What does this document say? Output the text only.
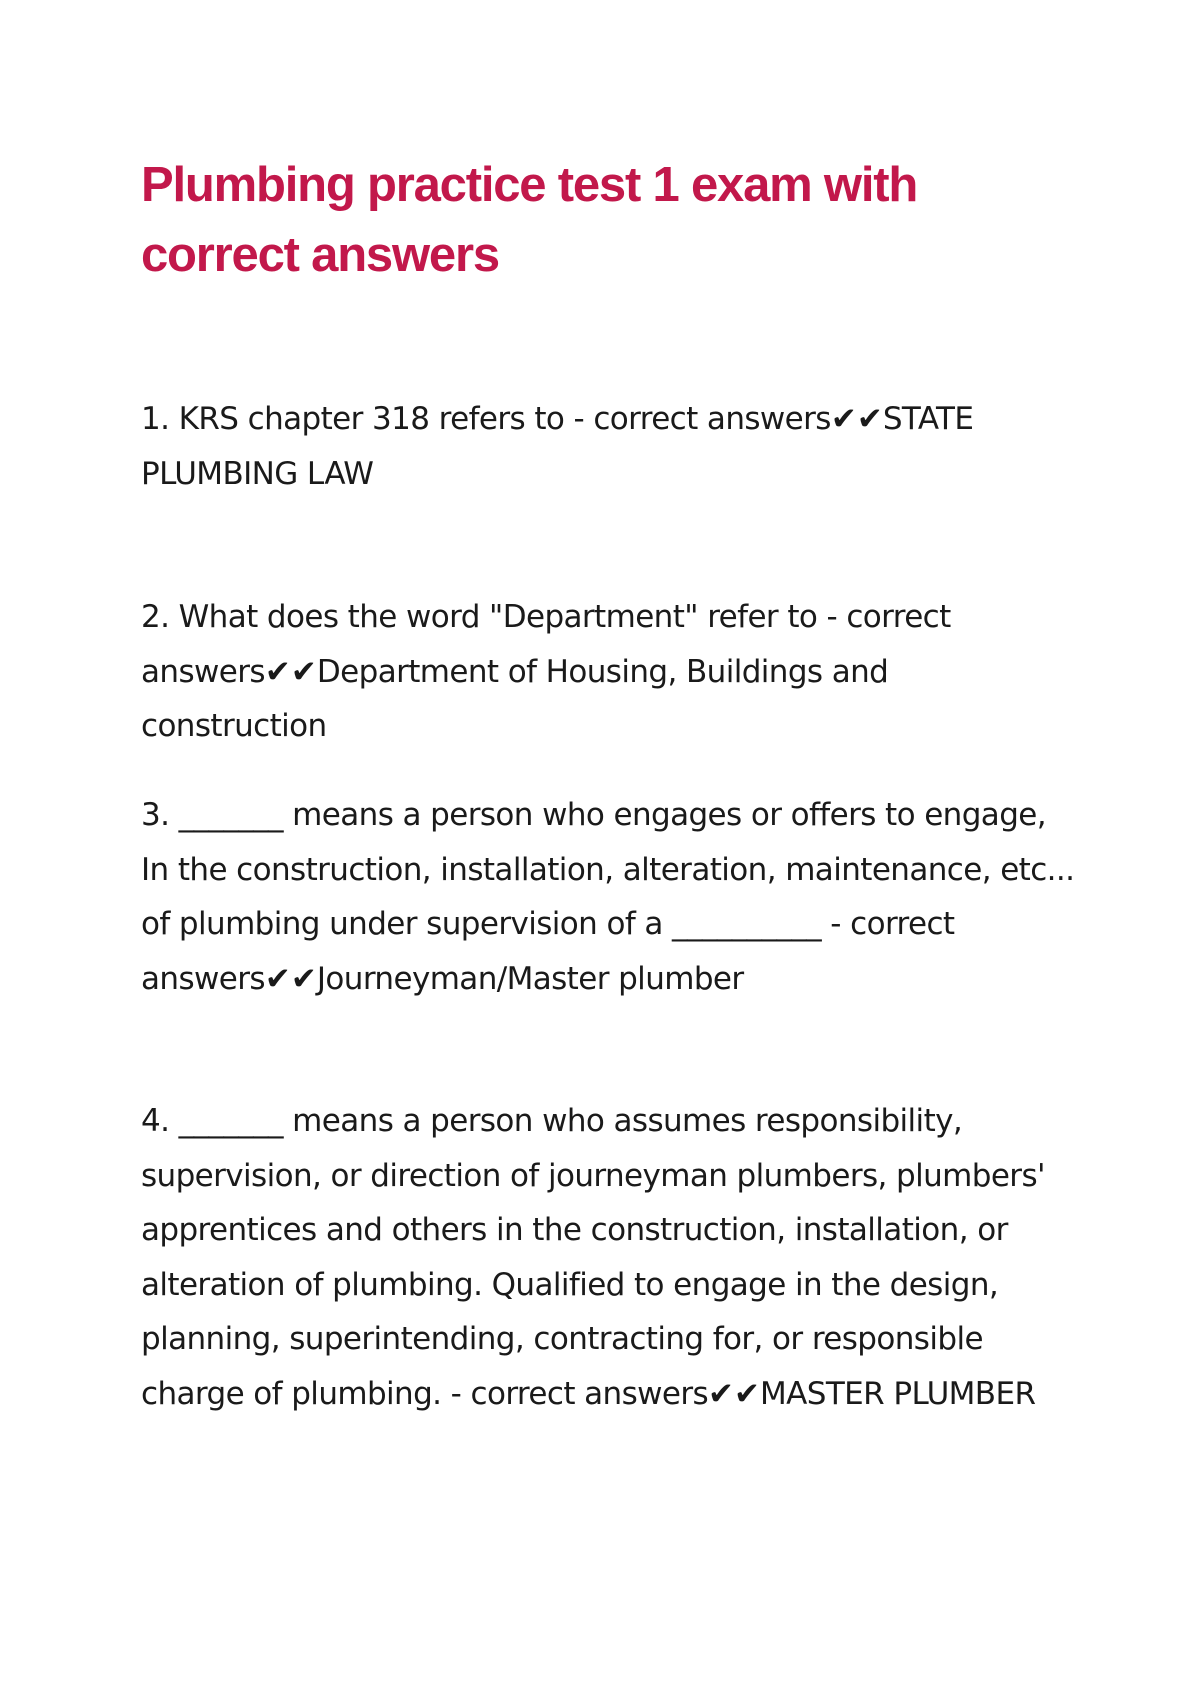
Plumbing practice test 1 exam with correct answers

1. KRS chapter 318 refers to - correct answers✔✔STATE PLUMBING LAW

2. What does the word "Department" refer to - correct answers✔✔Department of Housing, Buildings and construction

3. _______ means a person who engages or offers to engage, In the construction, installation, alteration, maintenance, etc... of plumbing under supervision of a __________ - correct answers✔✔Journeyman/Master plumber

4. _______ means a person who assumes responsibility, supervision, or direction of journeyman plumbers, plumbers' apprentices and others in the construction, installation, or alteration of plumbing. Qualified to engage in the design, planning, superintending, contracting for, or responsible charge of plumbing. - correct answers✔✔MASTER PLUMBER
